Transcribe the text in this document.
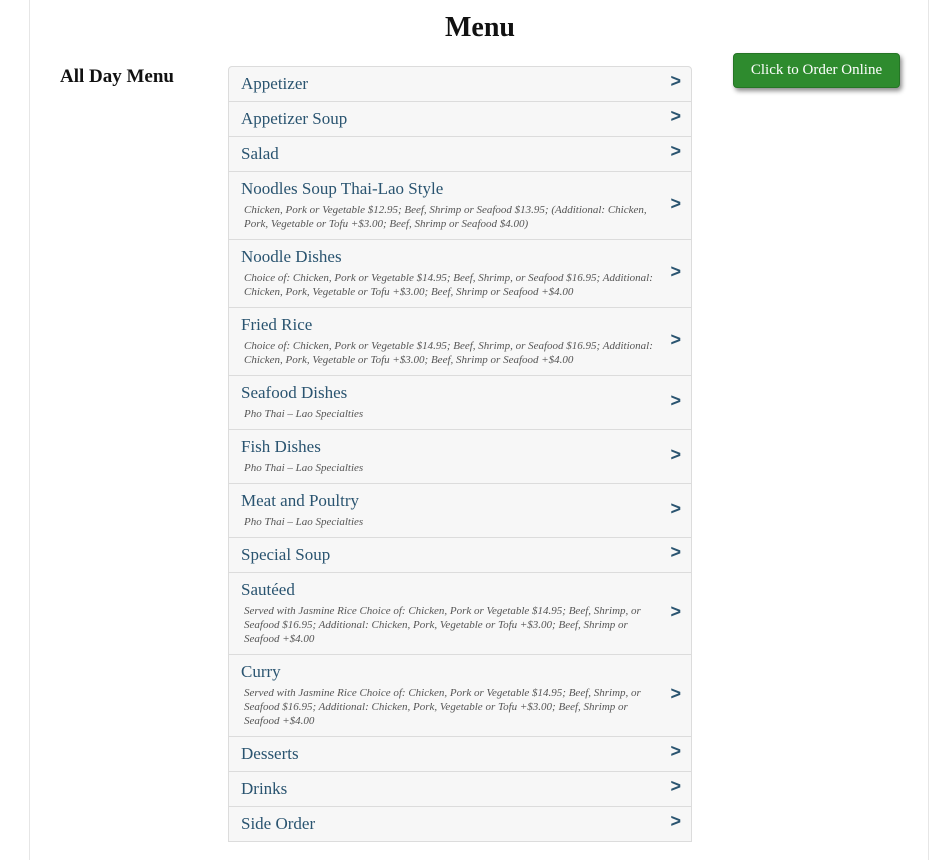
Menu
All Day Menu	Click to Order Online
Appetizer	>
Appetizer Soup	>
Salad	>
Noodles Soup Thai-Lao Style
Chicken, Pork or Vegetable $12.95; Beef, Shrimp or Seafood $13.95; (Additional: Chicken, Pork, Vegetable or Tofu +$3.00; Beef, Shrimp or Seafood $4.00)
>
Noodle Dishes
Choice of: Chicken, Pork or Vegetable $14.95; Beef, Shrimp, or Seafood $16.95; Additional: Chicken, Pork, Vegetable or Tofu +$3.00; Beef, Shrimp or Seafood +$4.00
>
Fried Rice
Choice of: Chicken, Pork or Vegetable $14.95; Beef, Shrimp, or Seafood $16.95; Additional: Chicken, Pork, Vegetable or Tofu +$3.00; Beef, Shrimp or Seafood +$4.00
>
Seafood Dishes
Pho Thai – Lao Specialties
>
Fish Dishes
Pho Thai – Lao Specialties
>
Meat and Poultry
Pho Thai – Lao Specialties
>
Special Soup	>
Sautéed
Served with Jasmine Rice Choice of: Chicken, Pork or Vegetable $14.95; Beef, Shrimp, or Seafood $16.95; Additional: Chicken, Pork, Vegetable or Tofu +$3.00; Beef, Shrimp or Seafood +$4.00
>
Curry
Served with Jasmine Rice Choice of: Chicken, Pork or Vegetable $14.95; Beef, Shrimp, or Seafood $16.95; Additional: Chicken, Pork, Vegetable or Tofu +$3.00; Beef, Shrimp or Seafood +$4.00
>
Desserts	>
Drinks	>
Side Order	>
